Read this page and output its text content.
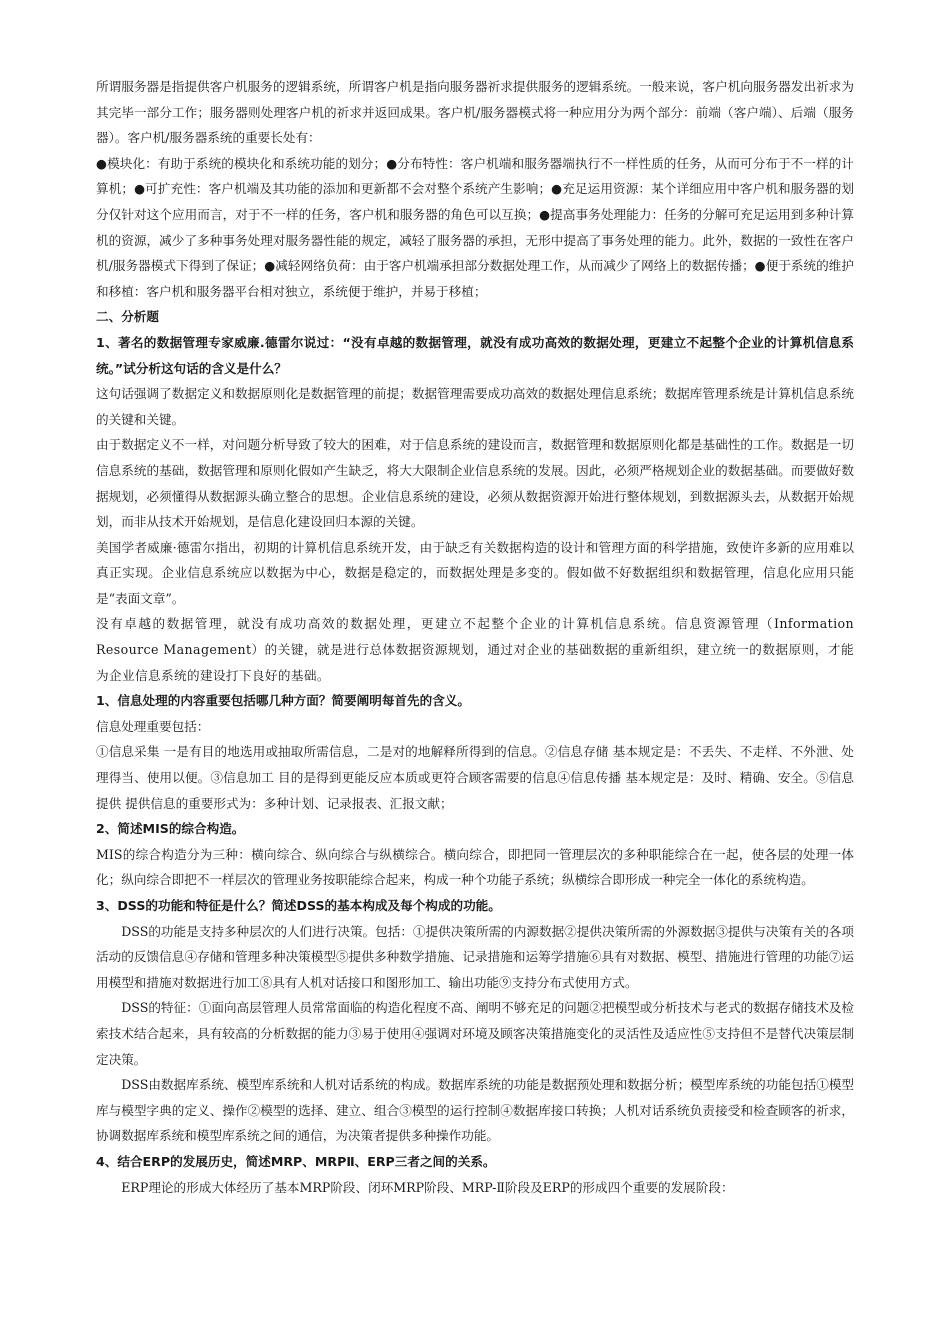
所谓服务器是指提供客户机服务的逻辑系统，所谓客户机是指向服务器祈求提供服务的逻辑系统。一般来说，客户机向服务器发出祈求为其完毕一部分工作；服务器则处理客户机的祈求并返回成果。客户机/服务器模式将一种应用分为两个部分：前端（客户端）、后端（服务器）。客户机/服务器系统的重要长处有：

●模块化：有助于系统的模块化和系统功能的划分；●分布特性：客户机端和服务器端执行不一样性质的任务，从而可分布于不一样的计算机；●可扩充性：客户机端及其功能的添加和更新都不会对整个系统产生影响；●充足运用资源：某个详细应用中客户机和服务器的划分仅针对这个应用而言，对于不一样的任务，客户机和服务器的角色可以互换；●提高事务处理能力：任务的分解可充足运用到多种计算机的资源，减少了多种事务处理对服务器性能的规定，减轻了服务器的承担，无形中提高了事务处理的能力。此外，数据的一致性在客户机/服务器模式下得到了保证；●减轻网络负荷：由于客户机端承担部分数据处理工作，从而减少了网络上的数据传播；●便于系统的维护和移植：客户机和服务器平台相对独立，系统便于维护，并易于移植；

二、分析题

1、著名的数据管理专家威廉.德雷尔说过：“没有卓越的数据管理，就没有成功高效的数据处理，更建立不起整个企业的计算机信息系统。”试分析这句话的含义是什么？

这句话强调了数据定义和数据原则化是数据管理的前提；数据管理需要成功高效的数据处理信息系统；数据库管理系统是计算机信息系统的关键和关键。

由于数据定义不一样，对问题分析导致了较大的困难，对于信息系统的建设而言，数据管理和数据原则化都是基础性的工作。数据是一切信息系统的基础，数据管理和原则化假如产生缺乏，将大大限制企业信息系统的发展。因此，必须严格规划企业的数据基础。而要做好数据规划，必须懂得从数据源头确立整合的思想。企业信息系统的建设，必须从数据资源开始进行整体规划，到数据源头去，从数据开始规划，而非从技术开始规划，是信息化建设回归本源的关键。

美国学者威廉·德雷尔指出，初期的计算机信息系统开发，由于缺乏有关数据构造的设计和管理方面的科学措施，致使许多新的应用难以真正实现。企业信息系统应以数据为中心，数据是稳定的，而数据处理是多变的。假如做不好数据组织和数据管理，信息化应用只能是“表面文章”。

没有卓越的数据管理，就没有成功高效的数据处理，更建立不起整个企业的计算机信息系统。信息资源管理（Information Resource Management）的关键，就是进行总体数据资源规划，通过对企业的基础数据的重新组织，建立统一的数据原则，才能为企业信息系统的建设打下良好的基础。

1、信息处理的内容重要包括哪几种方面？简要阐明每首先的含义。

信息处理重要包括：

①信息采集 一是有目的地选用或抽取所需信息，二是对的地解释所得到的信息。②信息存储 基本规定是：不丢失、不走样、不外泄、处理得当、使用以便。③信息加工 目的是得到更能反应本质或更符合顾客需要的信息④信息传播 基本规定是：及时、精确、安全。⑤信息提供 提供信息的重要形式为：多种计划、记录报表、汇报文献；

2、简述MIS的综合构造。

MIS的综合构造分为三种：横向综合、纵向综合与纵横综合。横向综合，即把同一管理层次的多种职能综合在一起，使各层的处理一体化；纵向综合即把不一样层次的管理业务按职能综合起来，构成一种个功能子系统；纵横综合即形成一种完全一体化的系统构造。

3、DSS的功能和特征是什么？简述DSS的基本构成及每个构成的功能。

DSS的功能是支持多种层次的人们进行决策。包括：①提供决策所需的内源数据②提供决策所需的外源数据③提供与决策有关的各项活动的反馈信息④存储和管理多种决策模型⑤提供多种数学措施、记录措施和运筹学措施⑥具有对数据、模型、措施进行管理的功能⑦运用模型和措施对数据进行加工⑧具有人机对话接口和图形加工、输出功能⑨支持分布式使用方式。

DSS的特征：①面向高层管理人员常常面临的构造化程度不高、阐明不够充足的问题②把模型或分析技术与老式的数据存储技术及检索技术结合起来，具有较高的分析数据的能力③易于使用④强调对环境及顾客决策措施变化的灵活性及适应性⑤支持但不是替代决策层制定决策。

DSS由数据库系统、模型库系统和人机对话系统的构成。数据库系统的功能是数据预处理和数据分析；模型库系统的功能包括①模型库与模型字典的定义、操作②模型的选择、建立、组合③模型的运行控制④数据库接口转换；人机对话系统负责接受和检查顾客的祈求，协调数据库系统和模型库系统之间的通信，为决策者提供多种操作功能。

4、结合ERP的发展历史，简述MRP、MRPⅡ、ERP三者之间的关系。

ERP理论的形成大体经历了基本MRP阶段、闭环MRP阶段、MRP-Ⅱ阶段及ERP的形成四个重要的发展阶段：
